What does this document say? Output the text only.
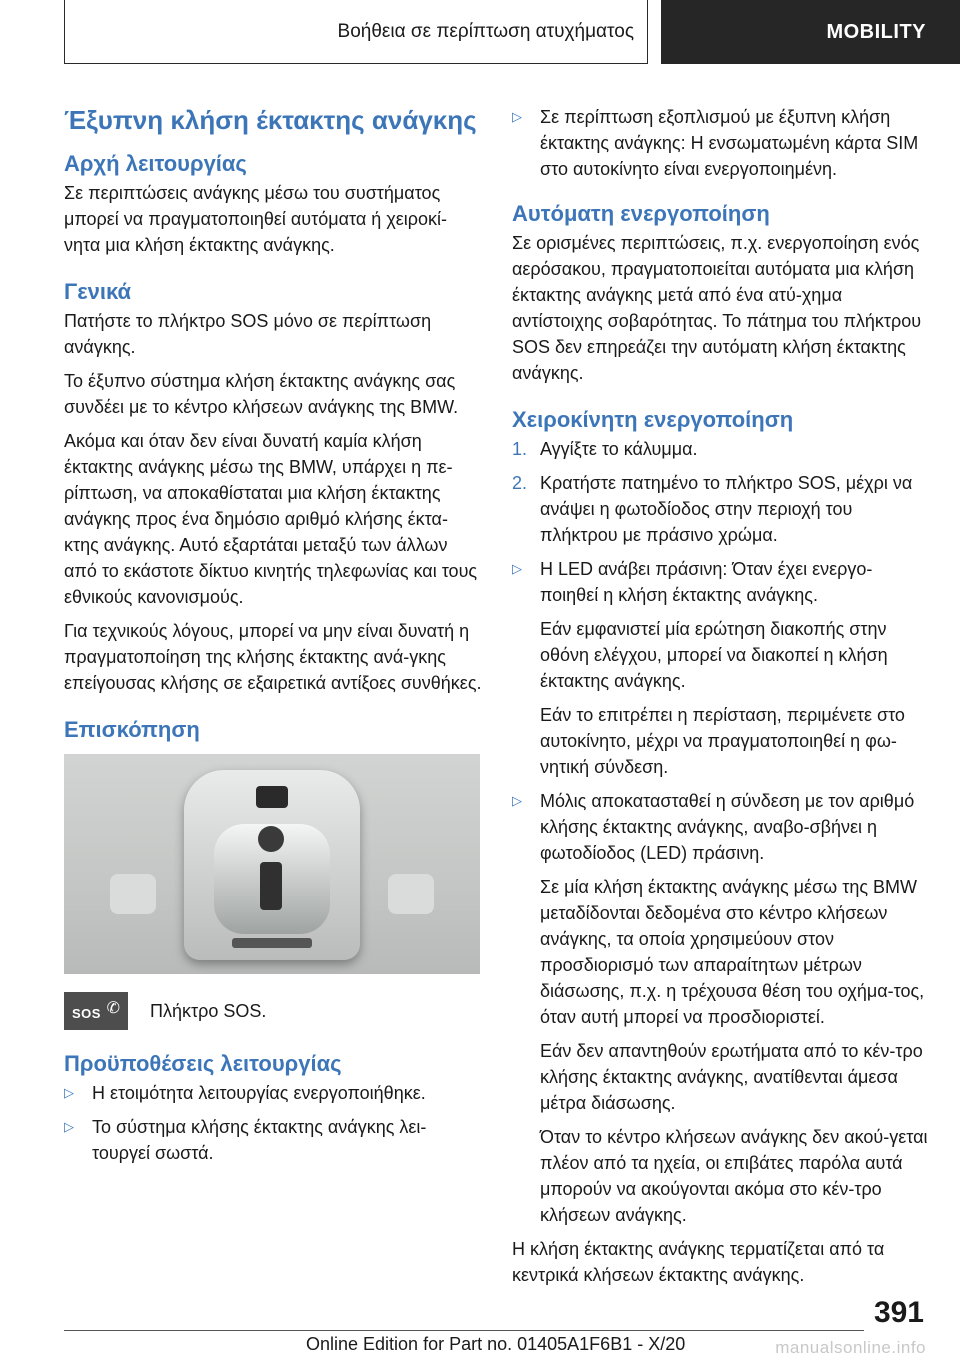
Βοήθεια σε περίπτωση ατυχήματος	MOBILITY
Έξυπνη κλήση έκτακτης ανάγκης
Αρχή λειτουργίας

Σε περιπτώσεις ανάγκης μέσω του συστήματος μπορεί να πραγματοποιηθεί αυτόματα ή χειροκί-νητα μια κλήση έκτακτης ανάγκης.

Γενικά

Πατήστε το πλήκτρο SOS μόνο σε περίπτωση ανάγκης.

Το έξυπνο σύστημα κλήση έκτακτης ανάγκης σας συνδέει με το κέντρο κλήσεων ανάγκης της BMW.

Ακόμα και όταν δεν είναι δυνατή καμία κλήση έκτακτης ανάγκης μέσω της BMW, υπάρχει η πε-ρίπτωση, να αποκαθίσταται μια κλήση έκτακτης ανάγκης προς ένα δημόσιο αριθμό κλήσης έκτα-κτης ανάγκης. Αυτό εξαρτάται μεταξύ των άλλων από το εκάστοτε δίκτυο κινητής τηλεφωνίας και τους εθνικούς κανονισμούς.

Για τεχνικούς λόγους, μπορεί να μην είναι δυνατή η πραγματοποίηση της κλήσης έκτακτης ανά-γκης επείγουσας κλήσης σε εξαιρετικά αντίξοες συνθήκες.

Επισκόπηση
✆
SOS	Πλήκτρο SOS.
Προϋποθέσεις λειτουργίας
▷	Η ετοιμότητα λειτουργίας ενεργοποιήθηκε.
▷	Το σύστημα κλήσης έκτακτης ανάγκης λει-τουργεί σωστά.
▷	Σε περίπτωση εξοπλισμού με έξυπνη κλήση έκτακτης ανάγκης: Η ενσωματωμένη κάρτα SIM στο αυτοκίνητο είναι ενεργοποιημένη.
Αυτόματη ενεργοποίηση

Σε ορισμένες περιπτώσεις, π.χ. ενεργοποίηση ενός αερόσακου, πραγματοποιείται αυτόματα μια κλήση έκτακτης ανάγκης μετά από ένα ατύ-χημα αντίστοιχης σοβαρότητας. Το πάτημα του πλήκτρου SOS δεν επηρεάζει την αυτόματη κλήση έκτακτης ανάγκης.

Χειροκίνητη ενεργοποίηση
1. Αγγίξτε το κάλυμμα.
2. Κρατήστε πατημένο το πλήκτρο SOS, μέχρι να ανάψει η φωτοδίοδος στην περιοχή του πλήκτρου με πράσινο χρώμα.
▷	Η LED ανάβει πράσινη: Όταν έχει ενεργο-ποιηθεί η κλήση έκτακτης ανάγκης.

Εάν εμφανιστεί μία ερώτηση διακοπής στην οθόνη ελέγχου, μπορεί να διακοπεί η κλήση έκτακτης ανάγκης.

Εάν το επιτρέπει η περίσταση, περιμένετε στο αυτοκίνητο, μέχρι να πραγματοποιηθεί η φω-νητική σύνδεση.

▷	Μόλις αποκατασταθεί η σύνδεση με τον αριθμό κλήσης έκτακτης ανάγκης, αναβο-σβήνει η φωτοδίοδος (LED) πράσινη.

Σε μία κλήση έκτακτης ανάγκης μέσω της BMW μεταδίδονται δεδομένα στο κέντρο κλήσεων ανάγκης, τα οποία χρησιμεύουν στον προσδιορισμό των απαραίτητων μέτρων διάσωσης, π.χ. η τρέχουσα θέση του οχήμα-τος, όταν αυτή μπορεί να προσδιοριστεί.

Εάν δεν απαντηθούν ερωτήματα από το κέν-τρο κλήσης έκτακτης ανάγκης, ανατίθενται άμεσα μέτρα διάσωσης.

Όταν το κέντρο κλήσεων ανάγκης δεν ακού-γεται πλέον από τα ηχεία, οι επιβάτες παρόλα αυτά μπορούν να ακούγονται ακόμα στο κέν-τρο κλήσεων ανάγκης.

Η κλήση έκτακτης ανάγκης τερματίζεται από τα κεντρικά κλήσεων έκτακτης ανάγκης.

391
Online Edition for Part no. 01405A1F6B1 - X/20	manualsonline.info
